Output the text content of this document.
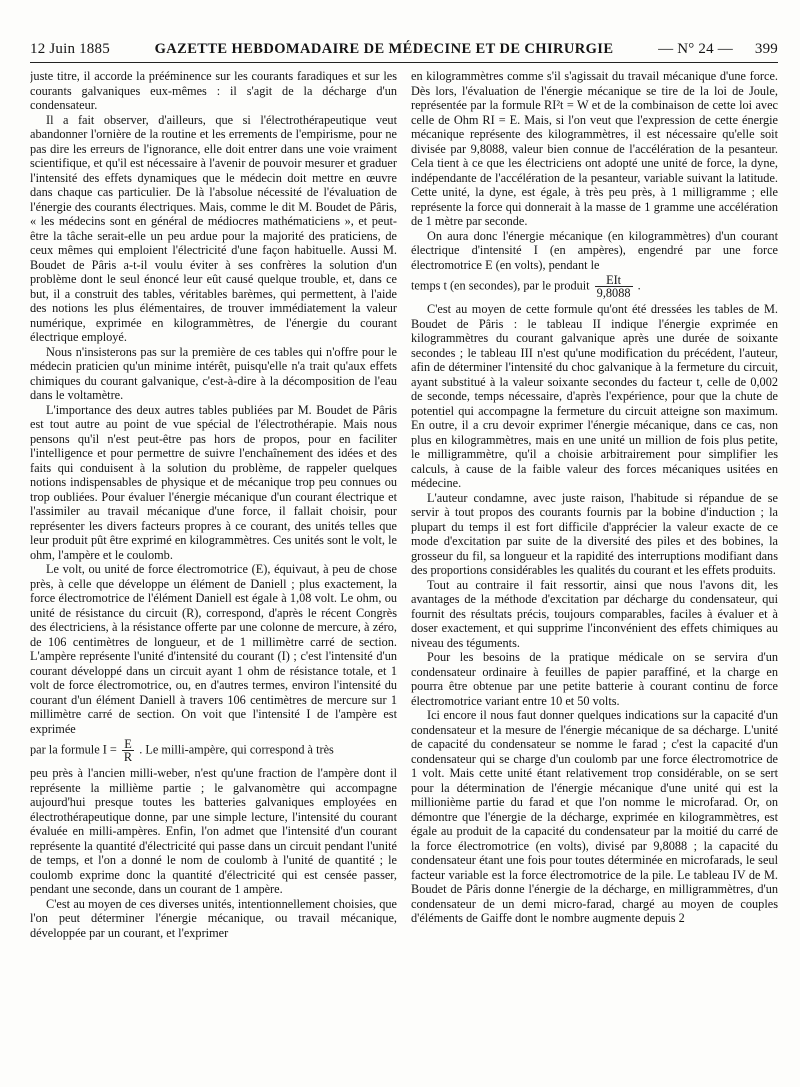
12 Juin 1885	GAZETTE HEBDOMADAIRE DE MÉDECINE ET DE CHIRURGIE	— N° 24 — 399

juste titre, il accorde la prééminence sur les courants faradiques et sur les courants galvaniques eux-mêmes : il s'agit de la décharge d'un condensateur.

Il a fait observer, d'ailleurs, que si l'électrothérapeutique veut abandonner l'ornière de la routine et les errements de l'empirisme, pour ne pas dire les erreurs de l'ignorance, elle doit entrer dans une voie vraiment scientifique, et qu'il est nécessaire à l'avenir de pouvoir mesurer et graduer l'intensité des effets dynamiques que le médecin doit mettre en œuvre dans chaque cas particulier. De là l'absolue nécessité de l'évaluation de l'énergie des courants électriques. Mais, comme le dit M. Boudet de Pâris, « les médecins sont en général de médiocres mathématiciens », et peut-être la tâche serait-elle un peu ardue pour la majorité des praticiens, de ceux mêmes qui emploient l'électricité d'une façon habituelle. Aussi M. Boudet de Pâris a-t-il voulu éviter à ses confrères la solution d'un problème dont le seul énoncé leur eût causé quelque trouble, et, dans ce but, il a construit des tables, véritables barèmes, qui permettent, à l'aide des notions les plus élémentaires, de trouver immédiatement la valeur numérique, exprimée en kilogrammètres, de l'énergie du courant électrique employé.

Nous n'insisterons pas sur la première de ces tables qui n'offre pour le médecin praticien qu'un minime intérêt, puisqu'elle n'a trait qu'aux effets chimiques du courant galvanique, c'est-à-dire à la décomposition de l'eau dans le voltamètre.

L'importance des deux autres tables publiées par M. Boudet de Pâris est tout autre au point de vue spécial de l'électrothérapie. Mais nous pensons qu'il n'est peut-être pas hors de propos, pour en faciliter l'intelligence et pour permettre de suivre l'enchaînement des idées et des faits qui conduisent à la solution du problème, de rappeler quelques notions indispensables de physique et de mécanique trop peu connues ou trop oubliées. Pour évaluer l'énergie mécanique d'un courant électrique et l'assimiler au travail mécanique d'une force, il fallait choisir, pour représenter les divers facteurs propres à ce courant, des unités telles que leur produit pût être exprimé en kilogrammètres. Ces unités sont le volt, le ohm, l'ampère et le coulomb.

Le volt, ou unité de force électromotrice (E), équivaut, à peu de chose près, à celle que développe un élément de Daniell ; plus exactement, la force électromotrice de l'élément Daniell est égale à 1,08 volt. Le ohm, ou unité de résistance du circuit (R), correspond, d'après le récent Congrès des électriciens, à la résistance offerte par une colonne de mercure, à zéro, de 106 centimètres de longueur, et de 1 millimètre carré de section. L'ampère représente l'unité d'intensité du courant (I) ; c'est l'intensité d'un courant développé dans un circuit ayant 1 ohm de résistance totale, et 1 volt de force électromotrice, ou, en d'autres termes, environ l'intensité du courant d'un élément Daniell à travers 106 centimètres de mercure sur 1 millimètre carré de section. On voit que l'intensité I de l'ampère est exprimée

par la formule $I = \frac{E}{R}$ . Le milli-ampère, qui correspond à très

peu près à l'ancien milli-weber, n'est qu'une fraction de l'ampère dont il représente la millième partie ; le galvanomètre qui accompagne aujourd'hui presque toutes les batteries galvaniques employées en électrothérapeutique donne, par une simple lecture, l'intensité du courant évaluée en milli-ampères. Enfin, l'on admet que l'intensité d'un courant représente la quantité d'électricité qui passe dans un circuit pendant l'unité de temps, et l'on a donné le nom de coulomb à l'unité de quantité ; le coulomb exprime donc la quantité d'électricité qui est censée passer, pendant une seconde, dans un courant de 1 ampère.

C'est au moyen de ces diverses unités, intentionnellement choisies, que l'on peut déterminer l'énergie mécanique, ou travail mécanique, développée par un courant, et l'exprimer

en kilogrammètres comme s'il s'agissait du travail mécanique d'une force. Dès lors, l'évaluation de l'énergie mécanique se tire de la loi de Joule, représentée par la formule RI²t = W et de la combinaison de cette loi avec celle de Ohm RI = E. Mais, si l'on veut que l'expression de cette énergie mécanique représente des kilogrammètres, il est nécessaire qu'elle soit divisée par 9,8088, valeur bien connue de l'accélération de la pesanteur. Cela tient à ce que les électriciens ont adopté une unité de force, la dyne, indépendante de l'accélération de la pesanteur, variable suivant la latitude. Cette unité, la dyne, est égale, à très peu près, à 1 milligramme ; elle représente la force qui donnerait à la masse de 1 gramme une accélération de 1 mètre par seconde.

On aura donc l'énergie mécanique (en kilogrammètres) d'un courant électrique d'intensité I (en ampères), engendré par une force électromotrice E (en volts), pendant le

temps t (en secondes), par le produit $\frac{\text{EIt}}{9,8088}$ .

C'est au moyen de cette formule qu'ont été dressées les tables de M. Boudet de Pâris : le tableau II indique l'énergie exprimée en kilogrammètres du courant galvanique après une durée de soixante secondes ; le tableau III n'est qu'une modification du précédent, l'auteur, afin de déterminer l'intensité du choc galvanique à la fermeture du circuit, ayant substitué à la valeur soixante secondes du facteur t, celle de 0,002 de seconde, temps nécessaire, d'après l'expérience, pour que la chute de potentiel qui accompagne la fermeture du circuit atteigne son maximum. En outre, il a cru devoir exprimer l'énergie mécanique, dans ce cas, non plus en kilogrammètres, mais en une unité un million de fois plus petite, le milligrammètre, qu'il a choisie arbitrairement pour simplifier les calculs, à cause de la faible valeur des forces mécaniques usitées en médecine.

L'auteur condamne, avec juste raison, l'habitude si répandue de se servir à tout propos des courants fournis par la bobine d'induction ; la plupart du temps il est fort difficile d'apprécier la valeur exacte de ce mode d'excitation par suite de la diversité des piles et des bobines, la grosseur du fil, sa longueur et la rapidité des interruptions modifiant dans des proportions considérables les qualités du courant et les effets produits.

Tout au contraire il fait ressortir, ainsi que nous l'avons dit, les avantages de la méthode d'excitation par décharge du condensateur, qui fournit des résultats précis, toujours comparables, faciles à évaluer et à doser exactement, et qui supprime l'inconvénient des effets chimiques au niveau des téguments.

Pour les besoins de la pratique médicale on se servira d'un condensateur ordinaire à feuilles de papier paraffiné, et la charge en pourra être obtenue par une petite batterie à courant continu de force électromotrice variant entre 10 et 50 volts.

Ici encore il nous faut donner quelques indications sur la capacité d'un condensateur et la mesure de l'énergie mécanique de sa décharge. L'unité de capacité du condensateur se nomme le farad ; c'est la capacité d'un condensateur qui se charge d'un coulomb par une force électromotrice de 1 volt. Mais cette unité étant relativement trop considérable, on se sert pour la détermination de l'énergie mécanique d'une unité qui est la millionième partie du farad et que l'on nomme le microfarad. Or, on démontre que l'énergie de la décharge, exprimée en kilogrammètres, est égale au produit de la capacité du condensateur par la moitié du carré de la force électromotrice (en volts), divisé par 9,8088 ; la capacité du condensateur étant une fois pour toutes déterminée en microfarads, le seul facteur variable est la force électromotrice de la pile. Le tableau IV de M. Boudet de Pâris donne l'énergie de la décharge, en milligrammètres, d'un condensateur de un demi micro-farad, chargé au moyen de couples d'éléments de Gaiffe dont le nombre augmente depuis 2
